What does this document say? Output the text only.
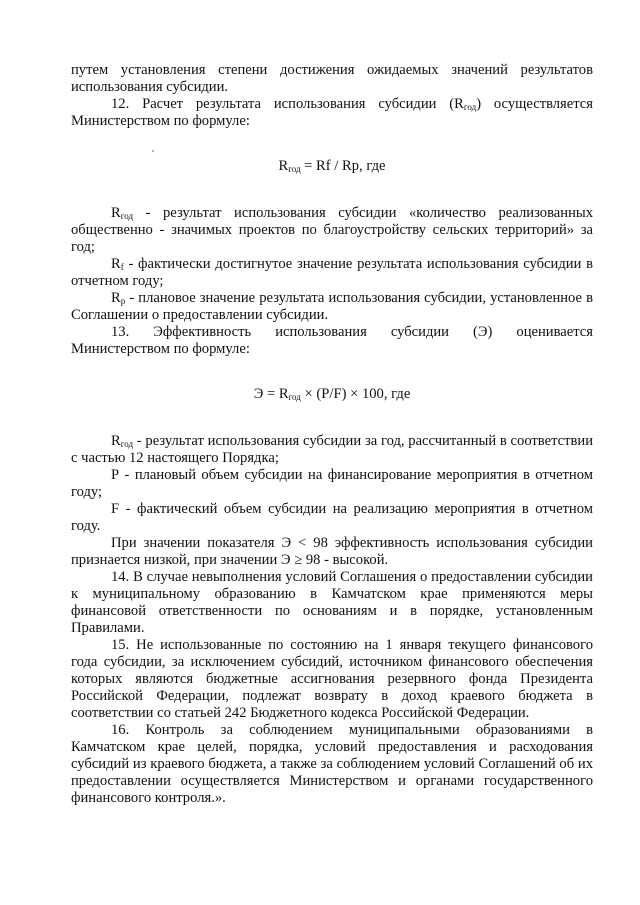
путем установления степени достижения ожидаемых значений результатов использования субсидии.

12. Расчет результата использования субсидии $(R_{год})$ осуществляется Министерством по формуле:

$R_{год} = Rf / Rp$, где

$R_{год}$ - результат использования субсидии «количество реализованных общественно - значимых проектов по благоустройству сельских территорий» за год;

$R_f$ - фактически достигнутое значение результата использования субсидии в отчетном году;

$R_p$ - плановое значение результата использования субсидии, установленное в Соглашении о предоставлении субсидии.

13. Эффективность использования субсидии (Э) оценивается Министерством по формуле:

$Э = R_{год} \times (P/F) \times 100$, где

$R_{год}$ - результат использования субсидии за год, рассчитанный в соответствии с частью 12 настоящего Порядка;

Р - плановый объем субсидии на финансирование мероприятия в отчетном году;

F - фактический объем субсидии на реализацию мероприятия в отчетном году.

При значении показателя Э < 98 эффективность использования субсидии признается низкой, при значении Э ≥ 98 - высокой.

14. В случае невыполнения условий Соглашения о предоставлении субсидии к муниципальному образованию в Камчатском крае применяются меры финансовой ответственности по основаниям и в порядке, установленным Правилами.

15. Не использованные по состоянию на 1 января текущего финансового года субсидии, за исключением субсидий, источником финансового обеспечения которых являются бюджетные ассигнования резервного фонда Президента Российской Федерации, подлежат возврату в доход краевого бюджета в соответствии со статьей 242 Бюджетного кодекса Российской Федерации.

16. Контроль за соблюдением муниципальными образованиями в Камчатском крае целей, порядка, условий предоставления и расходования субсидий из краевого бюджета, а также за соблюдением условий Соглашений об их предоставлении осуществляется Министерством и органами государственного финансового контроля.».
